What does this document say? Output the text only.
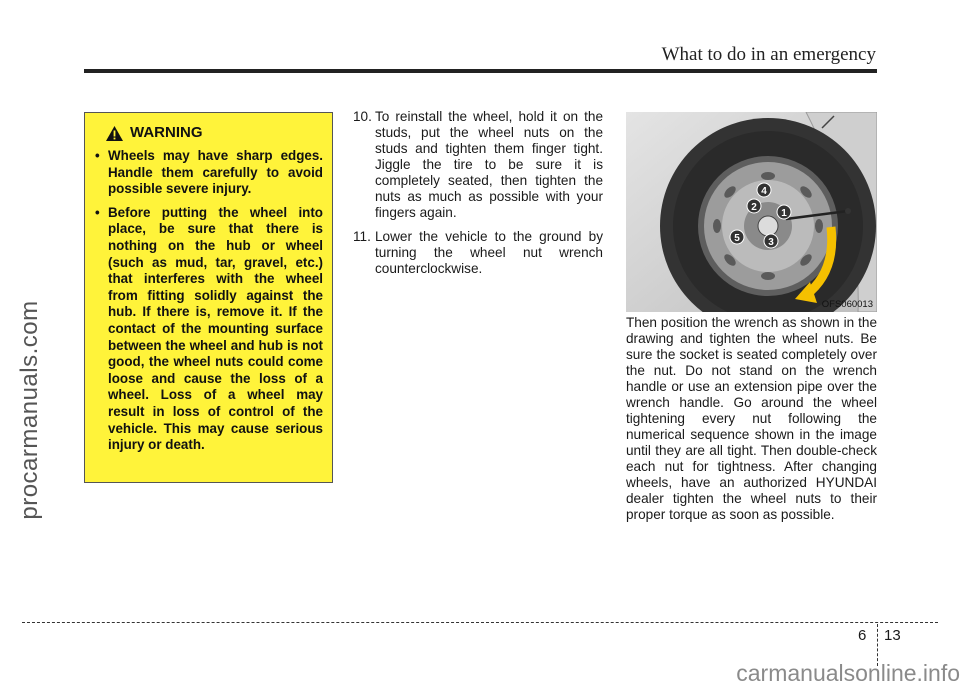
What to do in an emergency
procarmanuals.com
WARNING
• Wheels may have sharp edges. Handle them carefully to avoid possible severe injury.
• Before putting the wheel into place, be sure that there is nothing on the hub or wheel (such as mud, tar, gravel, etc.) that interferes with the wheel from fitting solidly against the hub. If there is, remove it. If the contact of the mounting surface between the wheel and hub is not good, the wheel nuts could come loose and cause the loss of a wheel. Loss of a wheel may result in loss of control of the vehicle. This may cause serious injury or death.
10. To reinstall the wheel, hold it on the studs, put the wheel nuts on the studs and tighten them finger tight. Jiggle the tire to be sure it is completely seated, then tighten the nuts as much as possible with your fingers again.
11. Lower the vehicle to the ground by turning the wheel nut wrench counterclockwise.
1
2
3
4
5
OFS060013

Then position the wrench as shown in the drawing and tighten the wheel nuts. Be sure the socket is seated completely over the nut. Do not stand on the wrench handle or use an extension pipe over the wrench handle. Go around the wheel tightening every nut following the numerical sequence shown in the image until they are all tight. Then double-check each nut for tightness. After changing wheels, have an authorized HYUNDAI dealer tighten the wheel nuts to their proper torque as soon as possible.

6 13
carmanualsonline.info
